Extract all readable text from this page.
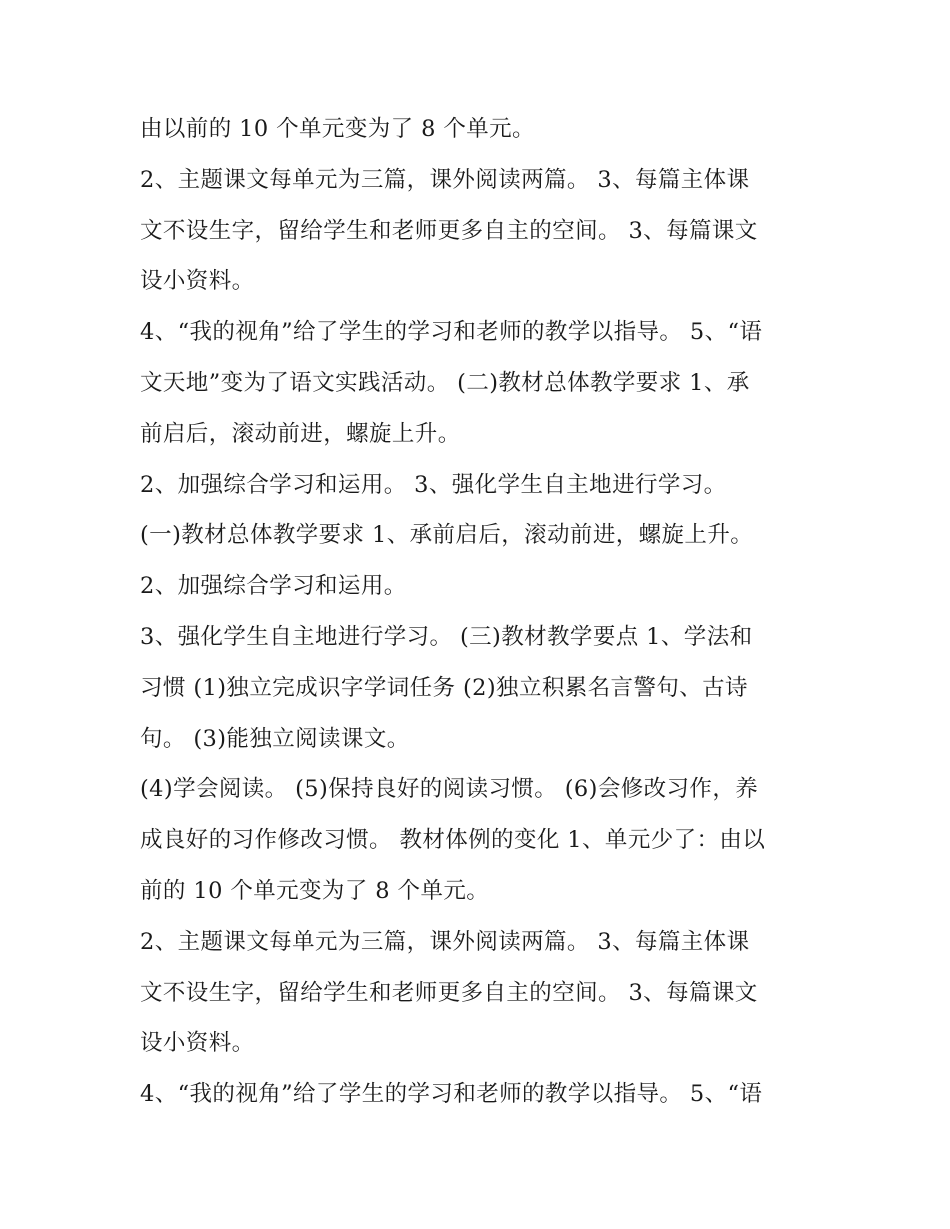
由以前的 10 个单元变为了 8 个单元。
2、主题课文每单元为三篇，课外阅读两篇。 3、每篇主体课
文不设生字，留给学生和老师更多自主的空间。 3、每篇课文
设小资料。
4、“我的视角”给了学生的学习和老师的教学以指导。 5、“语
文天地”变为了语文实践活动。 (二)教材总体教学要求 1、承
前启后，滚动前进，螺旋上升。
2、加强综合学习和运用。 3、强化学生自主地进行学习。
(一)教材总体教学要求 1、承前启后，滚动前进，螺旋上升。
2、加强综合学习和运用。
3、强化学生自主地进行学习。 (三)教材教学要点 1、学法和
习惯 (1)独立完成识字学词任务 (2)独立积累名言警句、古诗
句。 (3)能独立阅读课文。
(4)学会阅读。 (5)保持良好的阅读习惯。 (6)会修改习作，养
成良好的习作修改习惯。 教材体例的变化 1、单元少了：由以
前的 10 个单元变为了 8 个单元。
2、主题课文每单元为三篇，课外阅读两篇。 3、每篇主体课
文不设生字，留给学生和老师更多自主的空间。 3、每篇课文
设小资料。
4、“我的视角”给了学生的学习和老师的教学以指导。 5、“语
